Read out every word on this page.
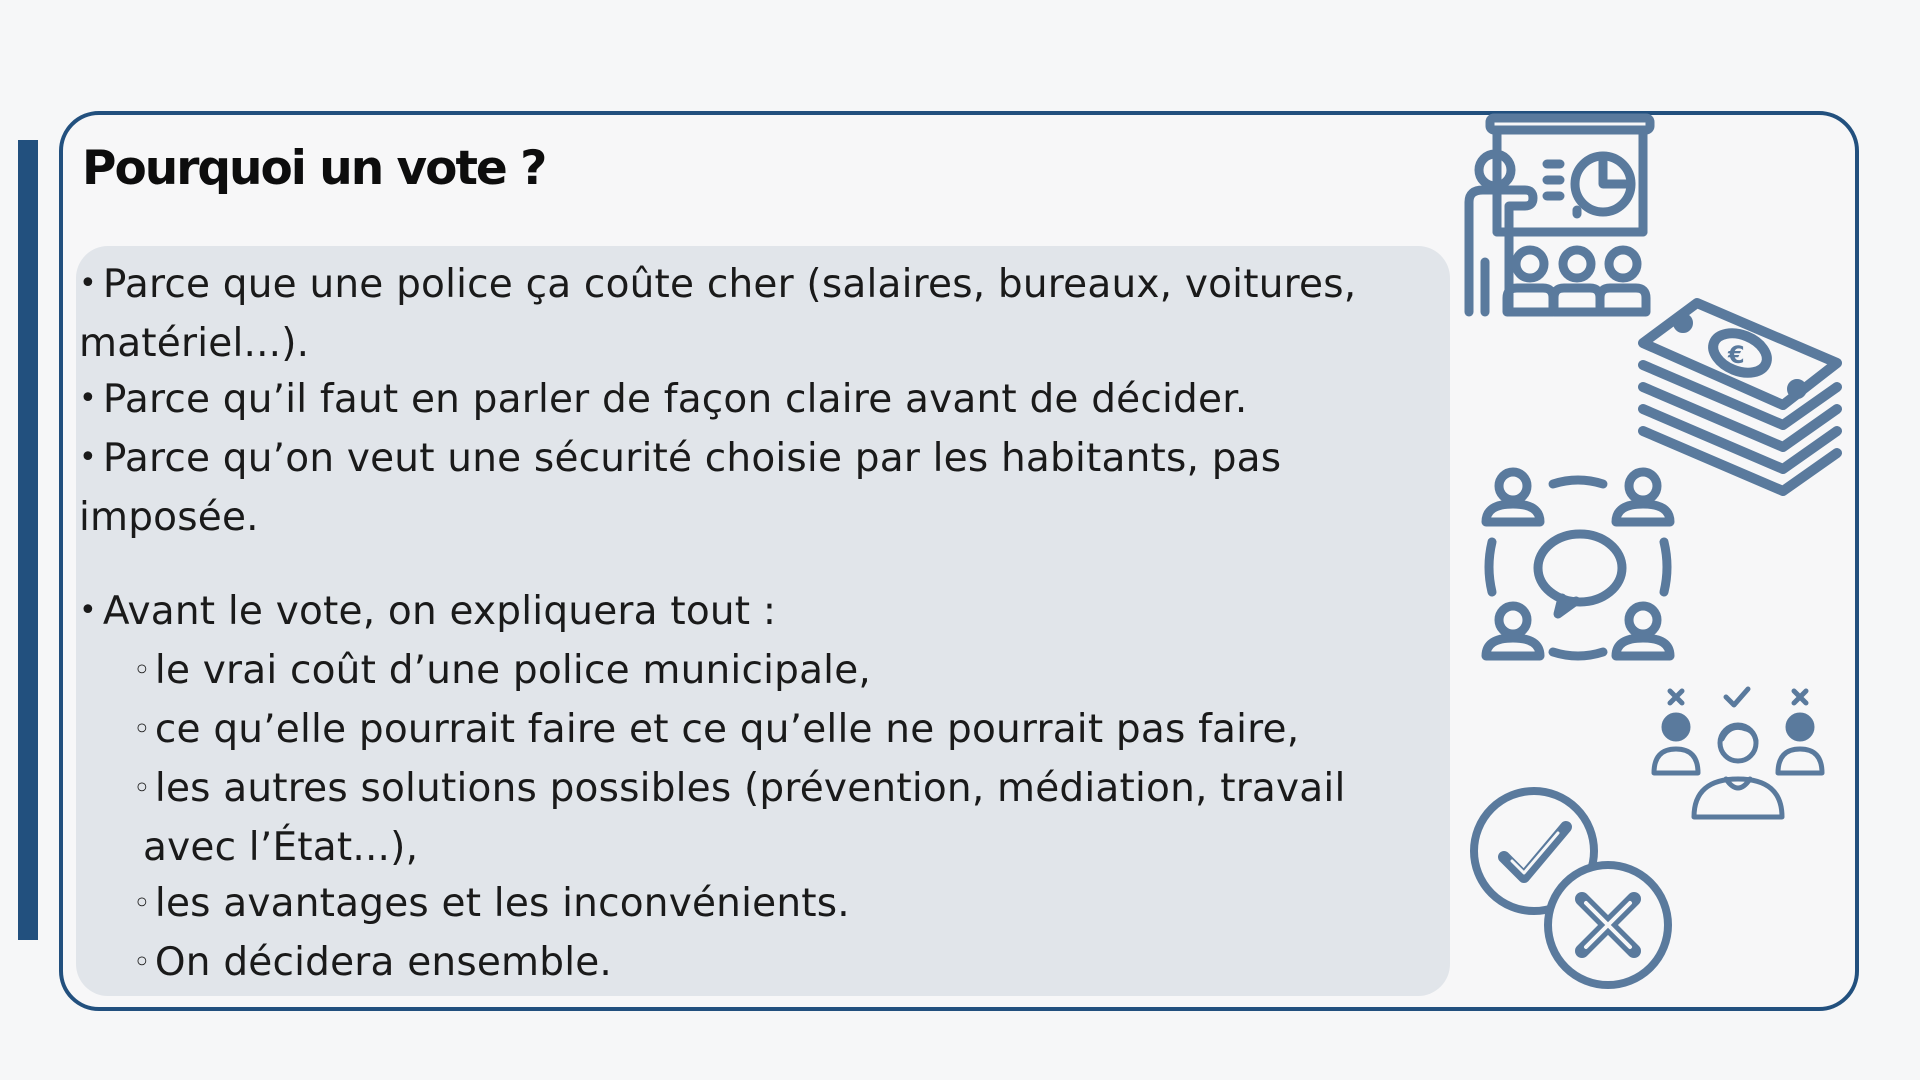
Pourquoi un vote ?
• Parce que une police ça coûte cher (salaires, bureaux, voitures,
matériel...).
• Parce qu’il faut en parler de façon claire avant de décider.
• Parce qu’on veut une sécurité choisie par les habitants, pas
imposée.
• Avant le vote, on expliquera tout :
◦ le vrai coût d’une police municipale,
◦ ce qu’elle pourrait faire et ce qu’elle ne pourrait pas faire,
◦ les autres solutions possibles (prévention, médiation, travail
avec l’État...),
◦ les avantages et les inconvénients.
◦ On décidera ensemble.
€
